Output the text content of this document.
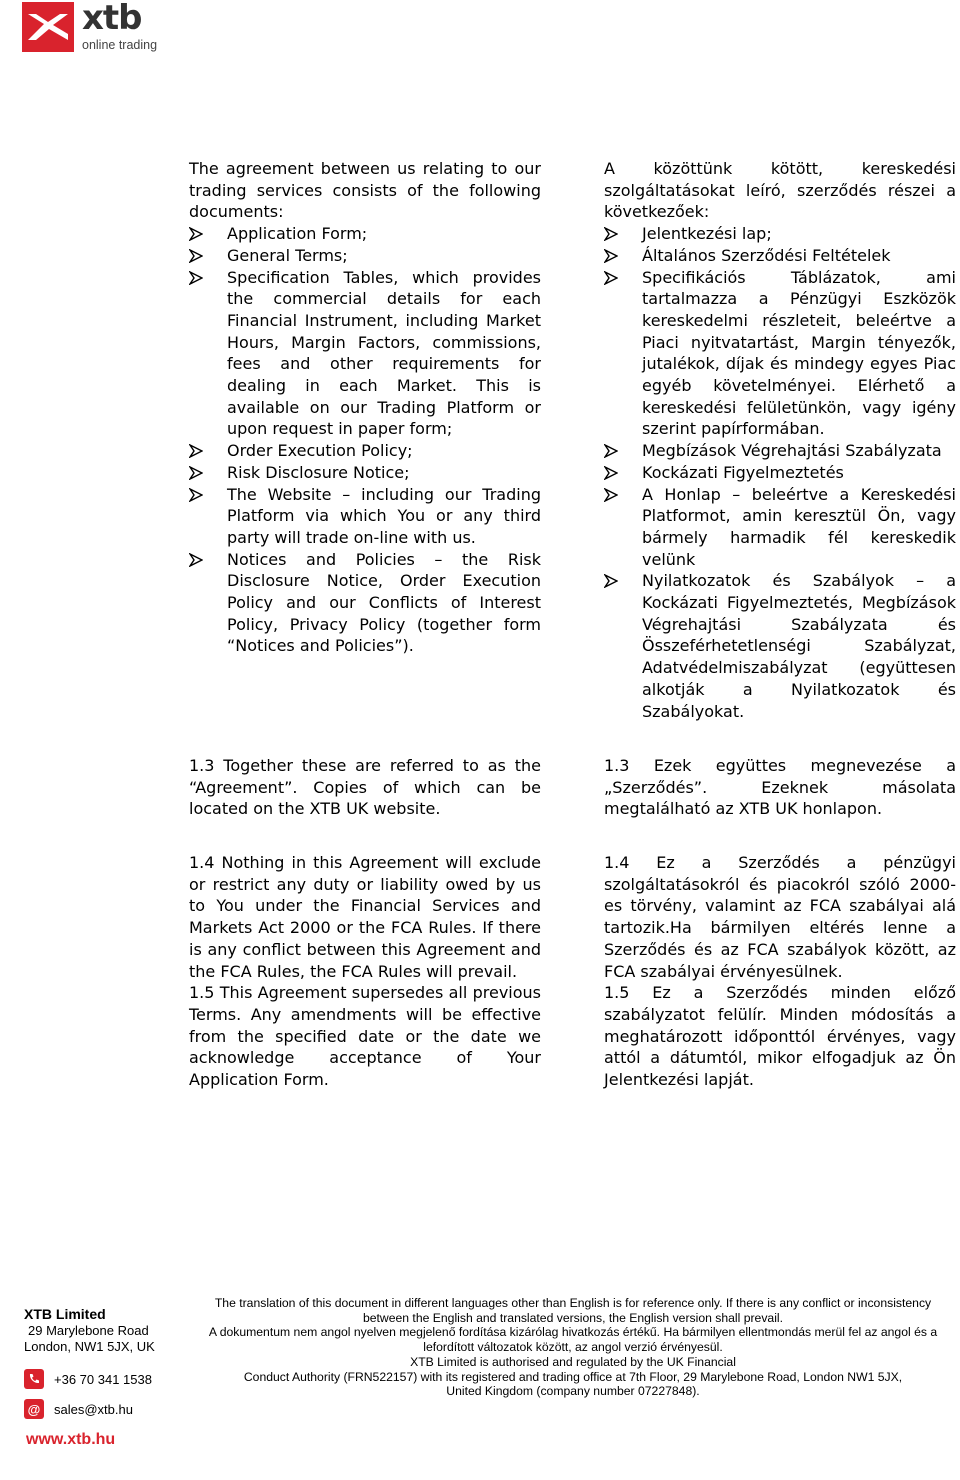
xtb
online trading

The agreement between us relating to our trading services consists of the following documents:

Application Form;
General Terms;
Specification Tables, which provides the commercial details for each Financial Instrument, including Market Hours, Margin Factors, commissions, fees and other requirements for dealing in each Market. This is available on our Trading Platform or upon request in paper form;
Order Execution Policy;
Risk Disclosure Notice;
The Website – including our Trading Platform via which You or any third party will trade on-line with us.
Notices and Policies – the Risk Disclosure Notice, Order Execution Policy and our Conflicts of Interest Policy, Privacy Policy (together form “Notices and Policies”).

A közöttünk kötött, kereskedési szolgáltatásokat leíró, szerződés részei a következőek:

Jelentkezési lap;
Általános Szerződési Feltételek
Specifikációs Táblázatok, ami tartalmazza a Pénzügyi Eszközök kereskedelmi részleteit, beleértve a Piaci nyitvatartást, Margin tényezők, jutalékok, díjak és mindegy egyes Piac egyéb követelményei. Elérhető a kereskedési felületünkön, vagy igény szerint papírformában.
Megbízások Végrehajtási Szabályzata
Kockázati Figyelmeztetés
A Honlap – beleértve a Kereskedési Platformot, amin keresztül Ön, vagy bármely harmadik fél kereskedik velünk
Nyilatkozatok és Szabályok – a Kockázati Figyelmeztetés, Megbízások Végrehajtási Szabályzata és Összeférhetetlenségi Szabályzat, Adatvédelmiszabályzat (együttesen alkotják a Nyilatkozatok és Szabályokat.

1.3 Together these are referred to as the “Agreement”. Copies of which can be located on the XTB UK website.

1.3 Ezek együttes megnevezése a „Szerződés”. Ezeknek másolata megtalálható az XTB UK honlapon.

1.4 Nothing in this Agreement will exclude or restrict any duty or liability owed by us to You under the Financial Services and Markets Act 2000 or the FCA Rules. If there is any conflict between this Agreement and the FCA Rules, the FCA Rules will prevail.

1.5 This Agreement supersedes all previous Terms. Any amendments will be effective from the specified date or the date we acknowledge acceptance of Your Application Form.

1.4 Ez a Szerződés a pénzügyi szolgáltatásokról és piacokról szóló 2000-es törvény, valamint az FCA szabályai alá tartozik.Ha bármilyen eltérés lenne a Szerződés és az FCA szabályok között, az FCA szabályai érvényesülnek.

1.5 Ez a Szerződés minden előző szabályzatot felülír. Minden módosítás a meghatározott időponttól érvényes, vagy attól a dátumtól, mikor elfogadjuk az Ön Jelentkezési lapját.

XTB Limited
29 Marylebone Road
London, NW1 5JX, UK
+36 70 341 1538
@ sales@xtb.hu
www.xtb.hu
The translation of this document in different languages other than English is for reference only. If there is any conflict or inconsistency
between the English and translated versions, the English version shall prevail.
A dokumentum nem angol nyelven megjelenő fordítása kizárólag hivatkozás értékű. Ha bármilyen ellentmondás merül fel az angol és a
lefordított változatok között, az angol verzió érvényesül.
XTB Limited is authorised and regulated by the UK Financial
Conduct Authority (FRN522157) with its registered and trading office at 7th Floor, 29 Marylebone Road, London NW1 5JX,
United Kingdom (company number 07227848).
